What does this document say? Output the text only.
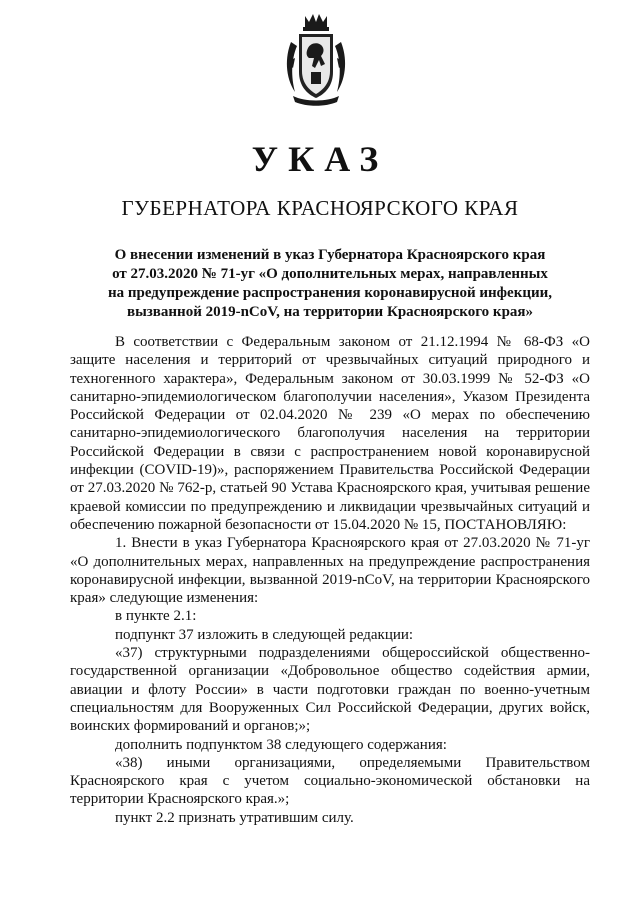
УКАЗ
ГУБЕРНАТОРА КРАСНОЯРСКОГО КРАЯ
О внесении изменений в указ Губернатора Красноярского края
от 27.03.2020 № 71-уг «О дополнительных мерах, направленных
на предупреждение распространения коронавирусной инфекции,
вызванной 2019-nCoV, на территории Красноярского края»

В соответствии с Федеральным законом от 21.12.1994 № 68-ФЗ «О защите населения и территорий от чрезвычайных ситуаций природного и техногенного характера», Федеральным законом от 30.03.1999 № 52-ФЗ «О санитарно-эпидемиологическом благополучии населения», Указом Президента Российской Федерации от 02.04.2020 № 239 «О мерах по обеспечению санитарно-эпидемиологического благополучия населения на территории Российской Федерации в связи с распространением новой коронавирусной инфекции (COVID-19)», распоряжением Правительства Российской Федерации от 27.03.2020 № 762-р, статьей 90 Устава Красноярского края, учитывая решение краевой комиссии по предупреждению и ликвидации чрезвычайных ситуаций и обеспечению пожарной безопасности от 15.04.2020 № 15, ПОСТАНОВЛЯЮ:

1. Внести в указ Губернатора Красноярского края от 27.03.2020 № 71-уг «О дополнительных мерах, направленных на предупреждение распространения коронавирусной инфекции, вызванной 2019-nCoV, на территории Красноярского края» следующие изменения:

в пункте 2.1:

подпункт 37 изложить в следующей редакции:

«37) структурными подразделениями общероссийской общественно-государственной организации «Добровольное общество содействия армии, авиации и флоту России» в части подготовки граждан по военно-учетным специальностям для Вооруженных Сил Российской Федерации, других войск, воинских формирований и органов;»;

дополнить подпунктом 38 следующего содержания:

«38) иными организациями, определяемыми Правительством Красноярского края с учетом социально-экономической обстановки на территории Красноярского края.»;

пункт 2.2 признать утратившим силу.
